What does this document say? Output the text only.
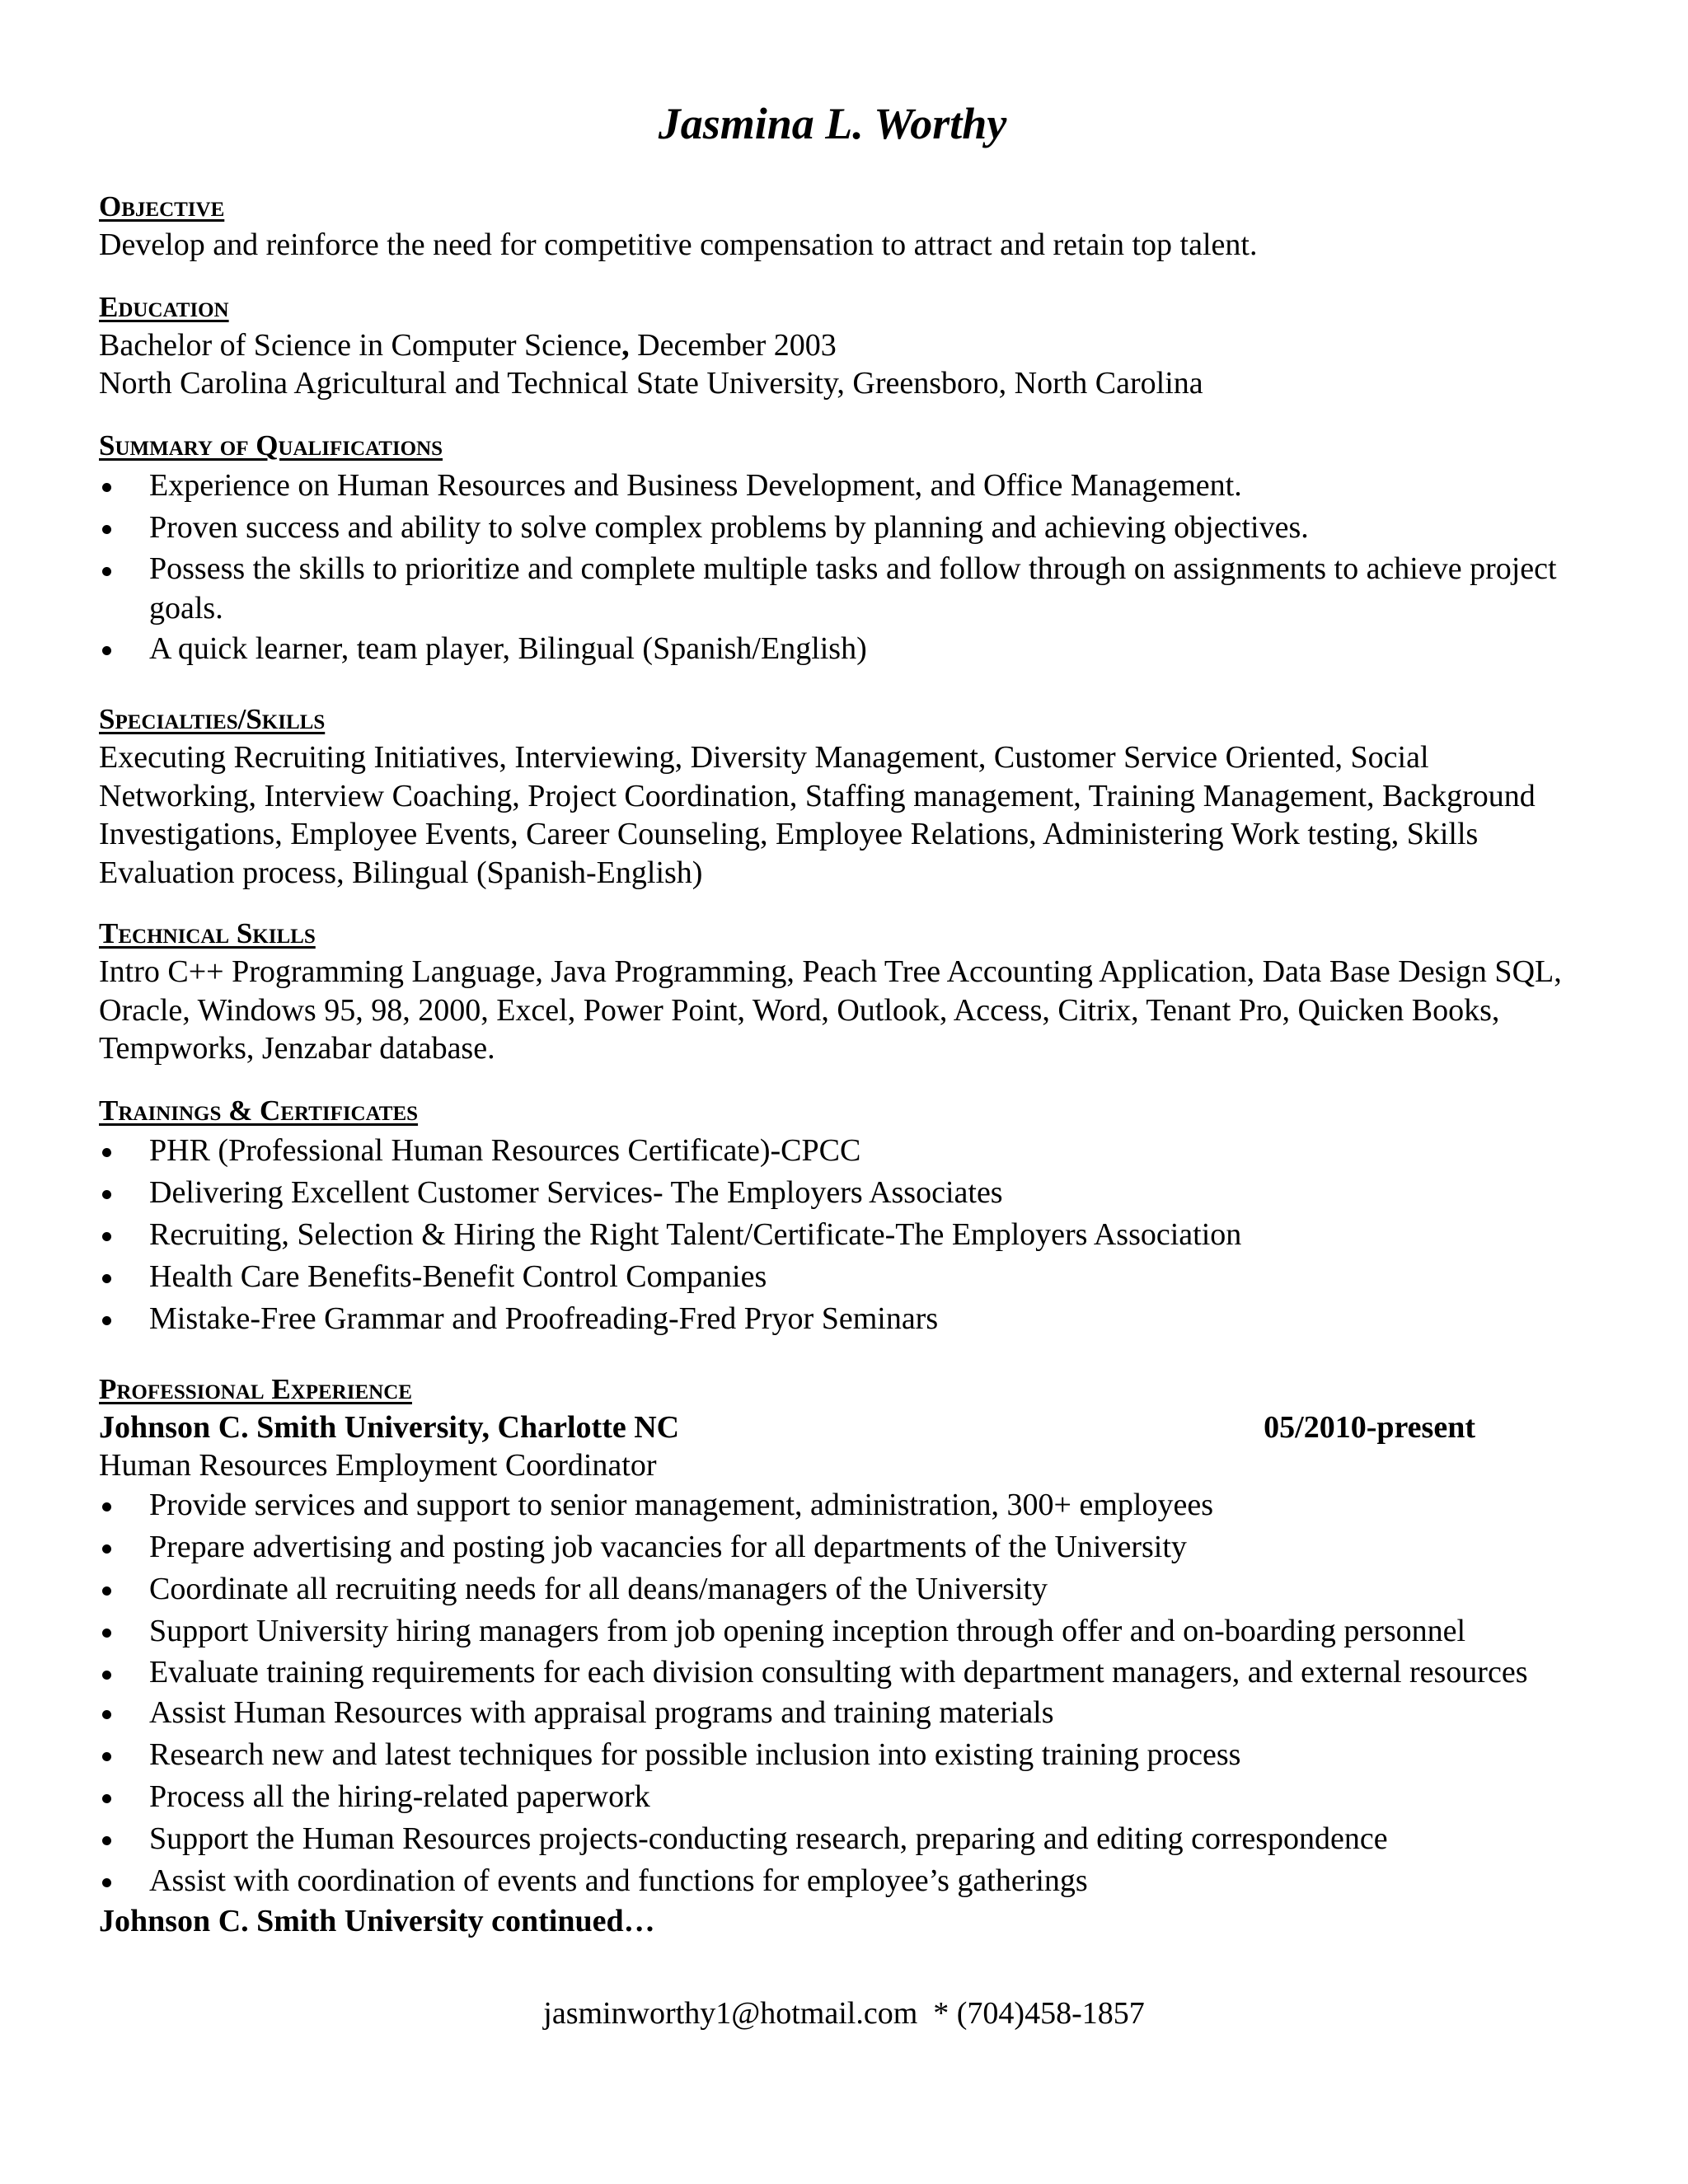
Jasmina L. Worthy
Objective

Develop and reinforce the need for competitive compensation to attract and retain top talent.

Education

Bachelor of Science in Computer Science, December 2003

North Carolina Agricultural and Technical State University, Greensboro, North Carolina

Summary of Qualifications
Experience on Human Resources and Business Development, and Office Management.
Proven success and ability to solve complex problems by planning and achieving objectives.
Possess the skills to prioritize and complete multiple tasks and follow through on assignments to achieve project goals.
A quick learner, team player, Bilingual (Spanish/English)
Specialties/Skills

Executing Recruiting Initiatives, Interviewing, Diversity Management, Customer Service Oriented, Social Networking, Interview Coaching, Project Coordination, Staffing management, Training Management, Background Investigations, Employee Events, Career Counseling, Employee Relations, Administering Work testing, Skills Evaluation process, Bilingual (Spanish-English)

Technical Skills

Intro C++ Programming Language, Java Programming, Peach Tree Accounting Application, Data Base Design SQL, Oracle, Windows 95, 98, 2000, Excel, Power Point, Word, Outlook, Access, Citrix, Tenant Pro, Quicken Books, Tempworks, Jenzabar database.

Trainings & Certificates
PHR (Professional Human Resources Certificate)-CPCC
Delivering Excellent Customer Services- The Employers Associates
Recruiting, Selection & Hiring the Right Talent/Certificate-The Employers Association
Health Care Benefits-Benefit Control Companies
Mistake-Free Grammar and Proofreading-Fred Pryor Seminars
Professional Experience
Johnson C. Smith University, Charlotte NC	05/2010-present

Human Resources Employment Coordinator

Provide services and support to senior management, administration, 300+ employees
Prepare advertising and posting job vacancies for all departments of the University
Coordinate all recruiting needs for all deans/managers of the University
Support University hiring managers from job opening inception through offer and on-boarding personnel
Evaluate training requirements for each division consulting with department managers, and external resources
Assist Human Resources with appraisal programs and training materials
Research new and latest techniques for possible inclusion into existing training process
Process all the hiring-related paperwork
Support the Human Resources projects-conducting research, preparing and editing correspondence
Assist with coordination of events and functions for employee’s gatherings

Johnson C. Smith University continued…

jasminworthy1@hotmail.com  * (704)458-1857
